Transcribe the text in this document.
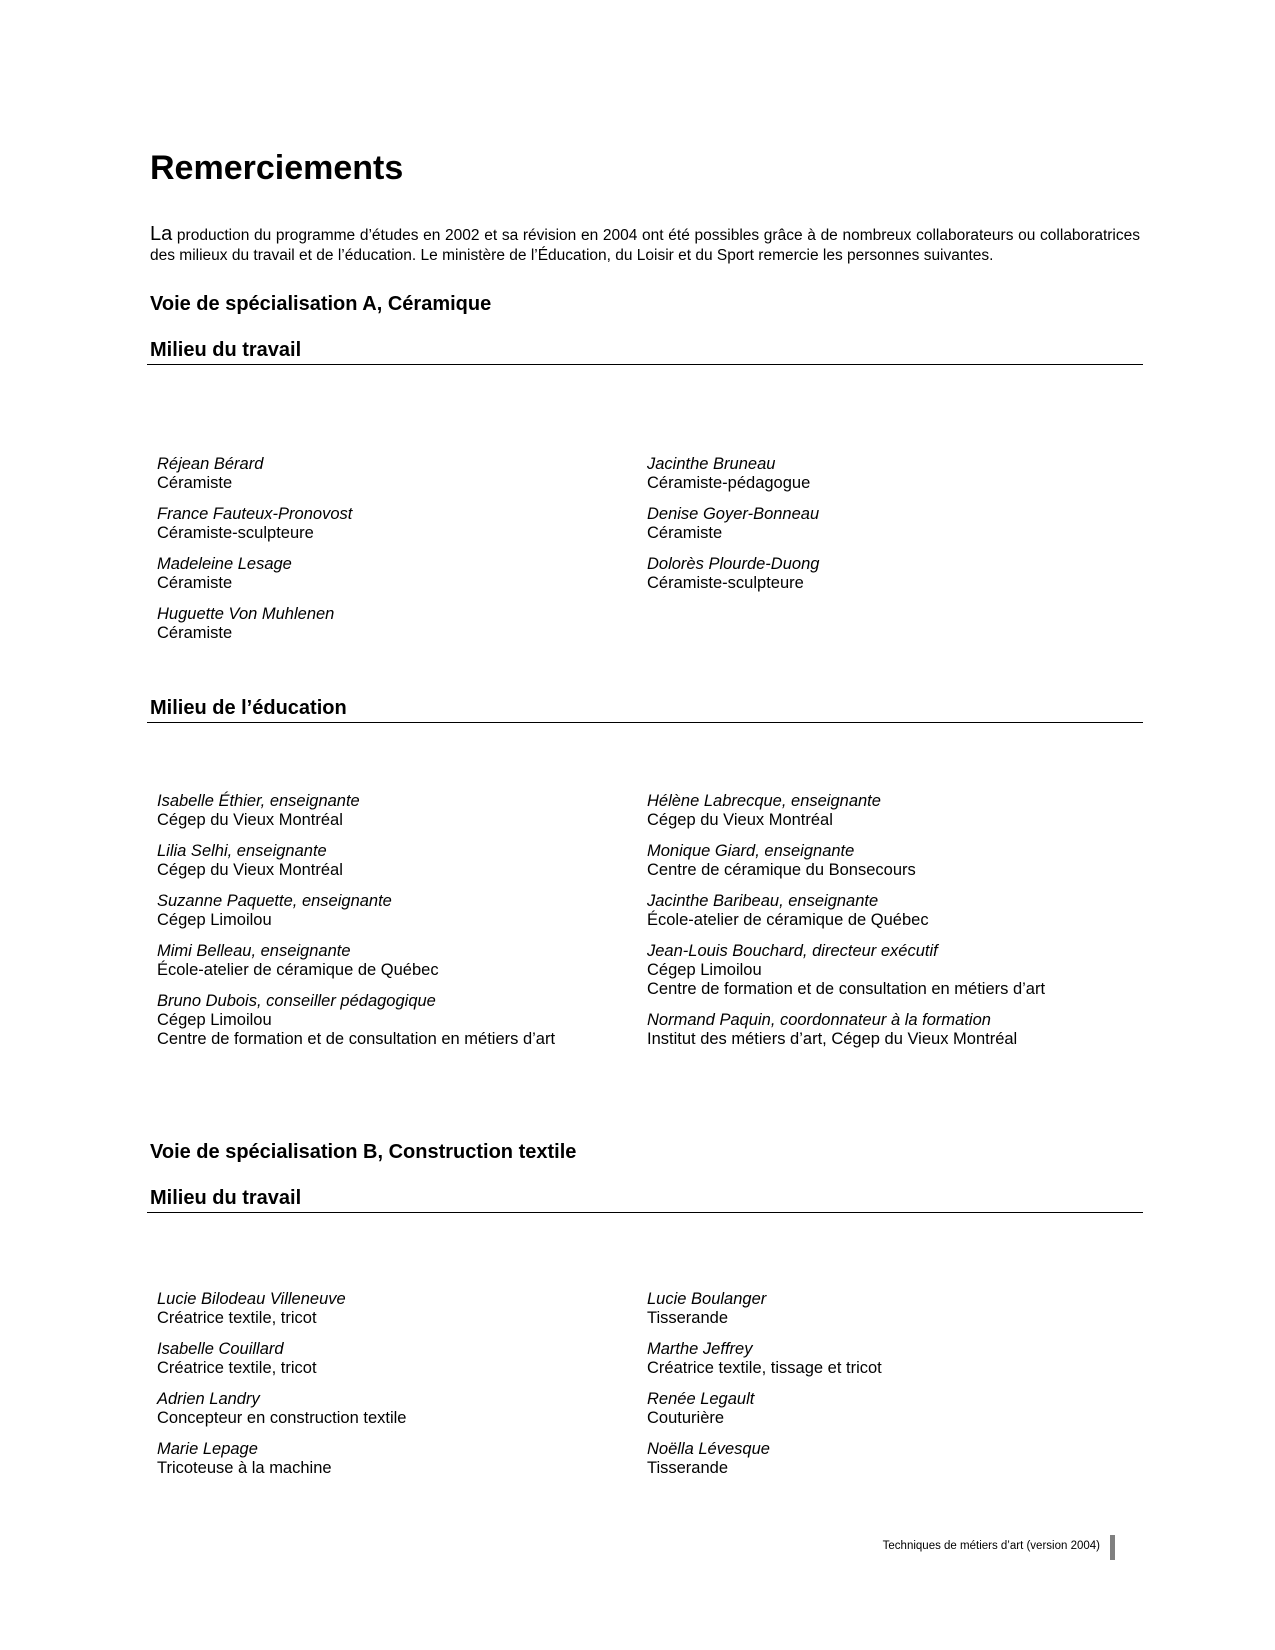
Remerciements

La production du programme d’études en 2002 et sa révision en 2004 ont été possibles grâce à de nombreux collaborateurs ou collaboratrices des milieux du travail et de l’éducation. Le ministère de l’Éducation, du Loisir et du Sport remercie les personnes suivantes.

Voie de spécialisation A, Céramique
Milieu du travail
Réjean Bérard
Céramiste
France Fauteux-Pronovost
Céramiste-sculpteure
Madeleine Lesage
Céramiste
Huguette Von Muhlenen
Céramiste
Jacinthe Bruneau
Céramiste-pédagogue
Denise Goyer-Bonneau
Céramiste
Dolorès Plourde-Duong
Céramiste-sculpteure
Milieu de l’éducation
Isabelle Éthier, enseignante
Cégep du Vieux Montréal
Lilia Selhi, enseignante
Cégep du Vieux Montréal
Suzanne Paquette, enseignante
Cégep Limoilou
Mimi Belleau, enseignante
École-atelier de céramique de Québec
Bruno Dubois, conseiller pédagogique
Cégep Limoilou
Centre de formation et de consultation en métiers d’art
Hélène Labrecque, enseignante
Cégep du Vieux Montréal
Monique Giard, enseignante
Centre de céramique du Bonsecours
Jacinthe Baribeau, enseignante
École-atelier de céramique de Québec
Jean-Louis Bouchard, directeur exécutif
Cégep Limoilou
Centre de formation et de consultation en métiers d’art
Normand Paquin, coordonnateur à la formation
Institut des métiers d’art, Cégep du Vieux Montréal
Voie de spécialisation B, Construction textile
Milieu du travail
Lucie Bilodeau Villeneuve
Créatrice textile, tricot
Isabelle Couillard
Créatrice textile, tricot
Adrien Landry
Concepteur en construction textile
Marie Lepage
Tricoteuse à la machine
Lucie Boulanger
Tisserande
Marthe Jeffrey
Créatrice textile, tissage et tricot
Renée Legault
Couturière
Noëlla Lévesque
Tisserande
Techniques de métiers d’art (version 2004)
